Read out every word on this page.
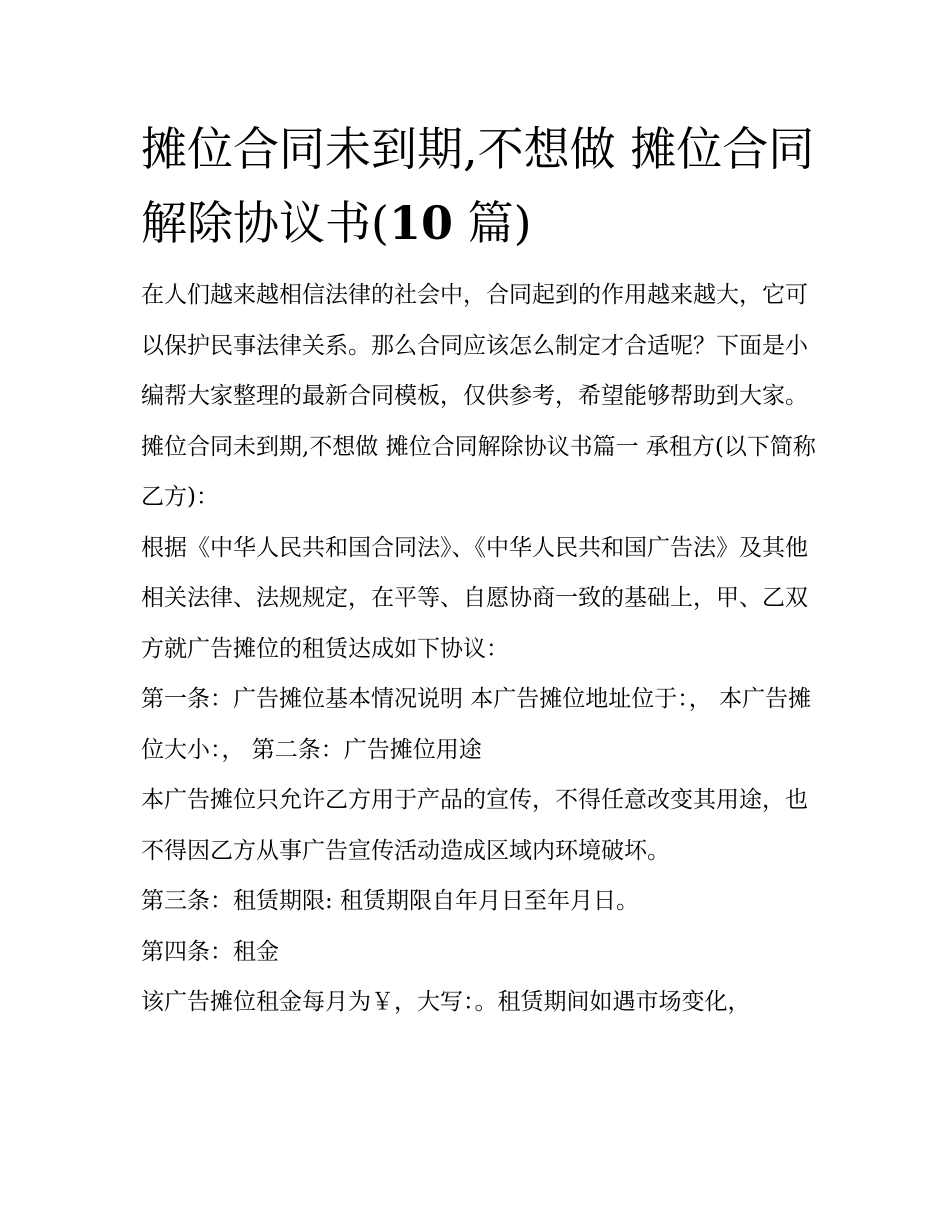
摊位合同未到期,不想做 摊位合同解除协议书(10 篇)

在人们越来越相信法律的社会中，合同起到的作用越来越大，它可以保护民事法律关系。那么合同应该怎么制定才合适呢？下面是小编帮大家整理的最新合同模板，仅供参考，希望能够帮助到大家。

摊位合同未到期,不想做 摊位合同解除协议书篇一 承租方(以下简称乙方)：

根据《中华人民共和国合同法》、《中华人民共和国广告法》及其他相关法律、法规规定，在平等、自愿协商一致的基础上，甲、乙双方就广告摊位的租赁达成如下协议：

第一条：广告摊位基本情况说明 本广告摊位地址位于：， 本广告摊位大小：， 第二条：广告摊位用途

本广告摊位只允许乙方用于产品的宣传，不得任意改变其用途，也不得因乙方从事广告宣传活动造成区域内环境破坏。

第三条：租赁期限: 租赁期限自年月日至年月日。

第四条：租金

该广告摊位租金每月为￥，大写：。租赁期间如遇市场变化，
